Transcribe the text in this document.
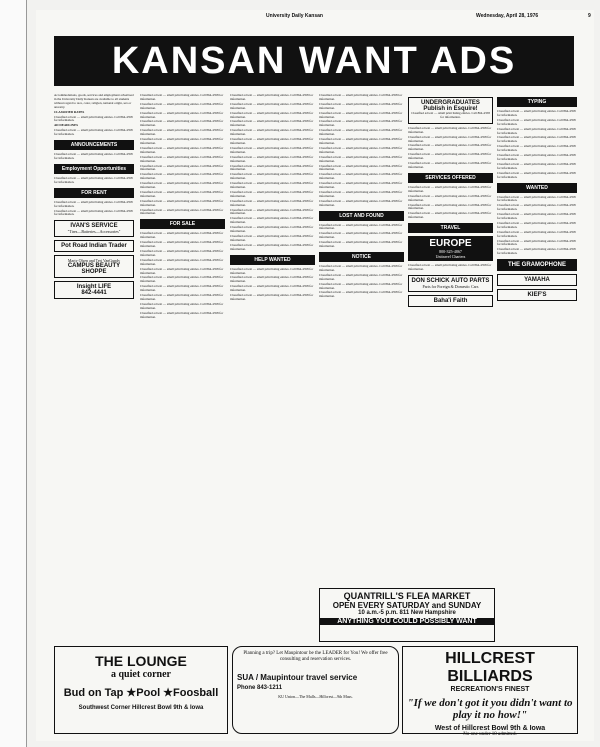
University Daily Kansan	Wednesday, April 28, 1976	9
KANSAN WANT ADS

Accommodations, goods, services and employment advertised in the University Daily Kansan are available to all students without regard to race, color, religion, national origin, sex or ancestry.

CLASSIFIED RATES

Classified ad text — small print listing entries. Call 864-4358 for information.

AD DEADLINES

Classified ad text — small print listing entries. Call 864-4358 for information.

ANNOUNCEMENTS

Classified ad text — small print listing entries. Call 864-4358 for information.

Employment Opportunities

Classified ad text — small print listing entries. Call 864-4358 for information.

FOR RENT

Classified ad text — small print listing entries. Call 864-4358 for information.

Classified ad text — small print listing entries. Call 864-4358 for information.

IVAN'S SERVICE
"Tires—Batteries—Accessories"
Pot Road Indian Trader
Marty Olsen and Teri VanGundy
CAMPUS BEAUTY SHOPPE
Insight LIFE
842-4441

Classified ad text — small print listing entries. Call 864-4358 for information.

Classified ad text — small print listing entries. Call 864-4358 for information.

Classified ad text — small print listing entries. Call 864-4358 for information.

Classified ad text — small print listing entries. Call 864-4358 for information.

Classified ad text — small print listing entries. Call 864-4358 for information.

Classified ad text — small print listing entries. Call 864-4358 for information.

Classified ad text — small print listing entries. Call 864-4358 for information.

Classified ad text — small print listing entries. Call 864-4358 for information.

Classified ad text — small print listing entries. Call 864-4358 for information.

Classified ad text — small print listing entries. Call 864-4358 for information.

Classified ad text — small print listing entries. Call 864-4358 for information.

Classified ad text — small print listing entries. Call 864-4358 for information.

Classified ad text — small print listing entries. Call 864-4358 for information.

Classified ad text — small print listing entries. Call 864-4358 for information.

FOR SALE

Classified ad text — small print listing entries. Call 864-4358 for information.

Classified ad text — small print listing entries. Call 864-4358 for information.

Classified ad text — small print listing entries. Call 864-4358 for information.

Classified ad text — small print listing entries. Call 864-4358 for information.

Classified ad text — small print listing entries. Call 864-4358 for information.

Classified ad text — small print listing entries. Call 864-4358 for information.

Classified ad text — small print listing entries. Call 864-4358 for information.

Classified ad text — small print listing entries. Call 864-4358 for information.

Classified ad text — small print listing entries. Call 864-4358 for information.

Classified ad text — small print listing entries. Call 864-4358 for information.

Classified ad text — small print listing entries. Call 864-4358 for information.

Classified ad text — small print listing entries. Call 864-4358 for information.

Classified ad text — small print listing entries. Call 864-4358 for information.

Classified ad text — small print listing entries. Call 864-4358 for information.

Classified ad text — small print listing entries. Call 864-4358 for information.

Classified ad text — small print listing entries. Call 864-4358 for information.

Classified ad text — small print listing entries. Call 864-4358 for information.

Classified ad text — small print listing entries. Call 864-4358 for information.

Classified ad text — small print listing entries. Call 864-4358 for information.

Classified ad text — small print listing entries. Call 864-4358 for information.

Classified ad text — small print listing entries. Call 864-4358 for information.

Classified ad text — small print listing entries. Call 864-4358 for information.

Classified ad text — small print listing entries. Call 864-4358 for information.

Classified ad text — small print listing entries. Call 864-4358 for information.

Classified ad text — small print listing entries. Call 864-4358 for information.

Classified ad text — small print listing entries. Call 864-4358 for information.

Classified ad text — small print listing entries. Call 864-4358 for information.

Classified ad text — small print listing entries. Call 864-4358 for information.

HELP WANTED

Classified ad text — small print listing entries. Call 864-4358 for information.

Classified ad text — small print listing entries. Call 864-4358 for information.

Classified ad text — small print listing entries. Call 864-4358 for information.

Classified ad text — small print listing entries. Call 864-4358 for information.

Classified ad text — small print listing entries. Call 864-4358 for information.

Classified ad text — small print listing entries. Call 864-4358 for information.

Classified ad text — small print listing entries. Call 864-4358 for information.

Classified ad text — small print listing entries. Call 864-4358 for information.

Classified ad text — small print listing entries. Call 864-4358 for information.

Classified ad text — small print listing entries. Call 864-4358 for information.

Classified ad text — small print listing entries. Call 864-4358 for information.

Classified ad text — small print listing entries. Call 864-4358 for information.

Classified ad text — small print listing entries. Call 864-4358 for information.

Classified ad text — small print listing entries. Call 864-4358 for information.

Classified ad text — small print listing entries. Call 864-4358 for information.

Classified ad text — small print listing entries. Call 864-4358 for information.

Classified ad text — small print listing entries. Call 864-4358 for information.

LOST AND FOUND

Classified ad text — small print listing entries. Call 864-4358 for information.

Classified ad text — small print listing entries. Call 864-4358 for information.

Classified ad text — small print listing entries. Call 864-4358 for information.

NOTICE

Classified ad text — small print listing entries. Call 864-4358 for information.

Classified ad text — small print listing entries. Call 864-4358 for information.

Classified ad text — small print listing entries. Call 864-4358 for information.

Classified ad text — small print listing entries. Call 864-4358 for information.

UNDERGRADUATES
Publish in Esquire!

Classified ad text — small print listing entries. Call 864-4358 for information.

Classified ad text — small print listing entries. Call 864-4358 for information.

Classified ad text — small print listing entries. Call 864-4358 for information.

Classified ad text — small print listing entries. Call 864-4358 for information.

Classified ad text — small print listing entries. Call 864-4358 for information.

Classified ad text — small print listing entries. Call 864-4358 for information.

SERVICES OFFERED

Classified ad text — small print listing entries. Call 864-4358 for information.

Classified ad text — small print listing entries. Call 864-4358 for information.

Classified ad text — small print listing entries. Call 864-4358 for information.

Classified ad text — small print listing entries. Call 864-4358 for information.

TRAVEL
EUROPE
800-325-4867
Unitravel Charters

Classified ad text — small print listing entries. Call 864-4358 for information.

DON SCHICK AUTO PARTS
Parts for Foreign & Domestic Cars
Baha'i Faith
TYPING

Classified ad text — small print listing entries. Call 864-4358 for information.

Classified ad text — small print listing entries. Call 864-4358 for information.

Classified ad text — small print listing entries. Call 864-4358 for information.

Classified ad text — small print listing entries. Call 864-4358 for information.

Classified ad text — small print listing entries. Call 864-4358 for information.

Classified ad text — small print listing entries. Call 864-4358 for information.

Classified ad text — small print listing entries. Call 864-4358 for information.

Classified ad text — small print listing entries. Call 864-4358 for information.

WANTED

Classified ad text — small print listing entries. Call 864-4358 for information.

Classified ad text — small print listing entries. Call 864-4358 for information.

Classified ad text — small print listing entries. Call 864-4358 for information.

Classified ad text — small print listing entries. Call 864-4358 for information.

Classified ad text — small print listing entries. Call 864-4358 for information.

Classified ad text — small print listing entries. Call 864-4358 for information.

Classified ad text — small print listing entries. Call 864-4358 for information.

THE GRAMOPHONE
YAMAHA
KIEF'S
QUANTRILL'S FLEA MARKET
OPEN EVERY SATURDAY and SUNDAY
10 a.m.-5 p.m. 811 New Hampshire
ANYTHING YOU COULD POSSIBLY WANT
THE LOUNGE
a quiet corner
Bud on Tap ★Pool ★Foosball
Southwest Corner Hillcrest Bowl 9th & Iowa
Planning a trip? Let Maupintour be the LEADER for You! We offer free consulting and reservation services.
SUA / Maupintour travel service
Phone 843-1211
KU Union—The Malls—Hillcrest—9th Mass.
HILLCREST BILLIARDS
RECREATION'S FINEST
"If we don't got it you didn't want to play it no how!"
West of Hillcrest Bowl 9th & Iowa
No one under 18 admitted.
